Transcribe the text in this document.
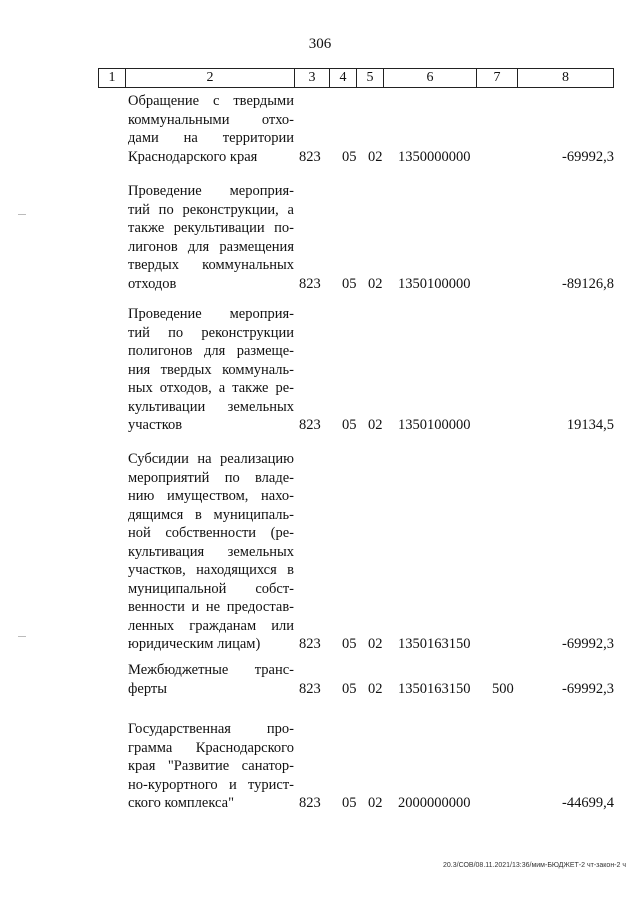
306
1	2	3	4	5	6	7	8
Обращение с твердыми
коммунальными отхо-
дами на территории
Краснодарского края	823 05 02 1350000000	-69992,3
Проведение мероприя-
тий по реконструкции, а
также рекультивации по-
лигонов для размещения
твердых коммунальных
отходов	823 05 02 1350100000	-89126,8
Проведение мероприя-
тий по реконструкции
полигонов для размеще-
ния твердых коммуналь-
ных отходов, а также ре-
культивации земельных
участков	823 05 02 1350100000	19134,5
Субсидии на реализацию
мероприятий по владе-
нию имуществом, нахо-
дящимся в муниципаль-
ной собственности (ре-
культивация земельных
участков, находящихся в
муниципальной собст-
венности и не предостав-
ленных гражданам или
юридическим лицам)	823 05 02 1350163150	-69992,3
Межбюджетные транс-
ферты	823 05 02 1350163150 500	-69992,3
Государственная про-
грамма Краснодарского
края "Развитие санатор-
но-курортного и турист-
ского комплекса"	823 05 02 2000000000	-44699,4
20.3/СОВ/08.11.2021/13:36/мим-БЮДЖЕТ-2 чт-закон-2 ч
